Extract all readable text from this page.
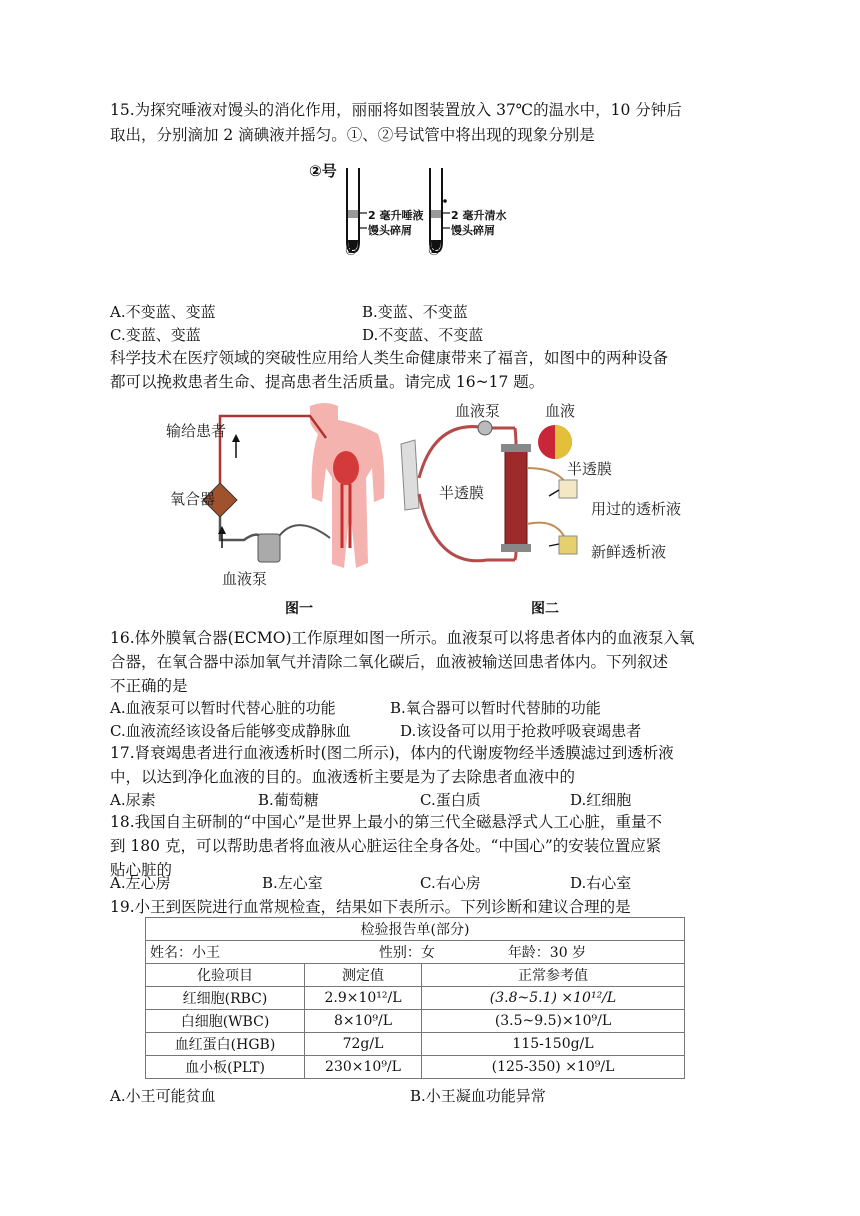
15.为探究唾液对馒头的消化作用，丽丽将如图装置放入 37℃的温水中，10 分钟后
取出，分别滴加 2 滴碘液并摇匀。①、②号试管中将出现的现象分别是
②号
2 毫升唾液
馒头碎屑
2 毫升清水
馒头碎屑
①	②
A.不变蓝、变蓝	B.变蓝、不变蓝
C.变蓝、变蓝	D.不变蓝、不变蓝
科学技术在医疗领域的突破性应用给人类生命健康带来了福音，如图中的两种设备
都可以挽救患者生命、提高患者生活质量。请完成 16~17 题。
输给患者
氧合器
血液泵
图一
血液泵	血液
半透膜
半透膜
用过的透析液
新鲜透析液
图二
16.体外膜氧合器(ECMO)工作原理如图一所示。血液泵可以将患者体内的血液泵入氧
合器，在氧合器中添加氧气并清除二氧化碳后，血液被输送回患者体内。下列叙述
不正确的是
A.血液泵可以暂时代替心脏的功能	B.氧合器可以暂时代替肺的功能
C.血液流经该设备后能够变成静脉血	D.该设备可以用于抢救呼吸衰竭患者
17.肾衰竭患者进行血液透析时(图二所示)，体内的代谢废物经半透膜滤过到透析液
中，以达到净化血液的目的。血液透析主要是为了去除患者血液中的
A.尿素	B.葡萄糖	C.蛋白质	D.红细胞
18.我国自主研制的“中国心”是世界上最小的第三代全磁悬浮式人工心脏，重量不
到 180 克，可以帮助患者将血液从心脏运往全身各处。“中国心”的安装位置应紧
贴心脏的
A.左心房	B.左心室	C.右心房	D.右心室
19.小王到医院进行血常规检查，结果如下表所示。下列诊断和建议合理的是
检验报告单(部分)		
姓名：小王 性别：女 年龄：30 岁		
化验项目	测定值	正常参考值
红细胞(RBC)	2.9×10¹²/L	(3.8~5.1) ×10¹²/L
白细胞(WBC)	8×10⁹/L	(3.5~9.5)×10⁹/L
血红蛋白(HGB)	72g/L	115-150g/L
血小板(PLT)	230×10⁹/L	(125-350) ×10⁹/L
A.小王可能贫血	B.小王凝血功能异常
